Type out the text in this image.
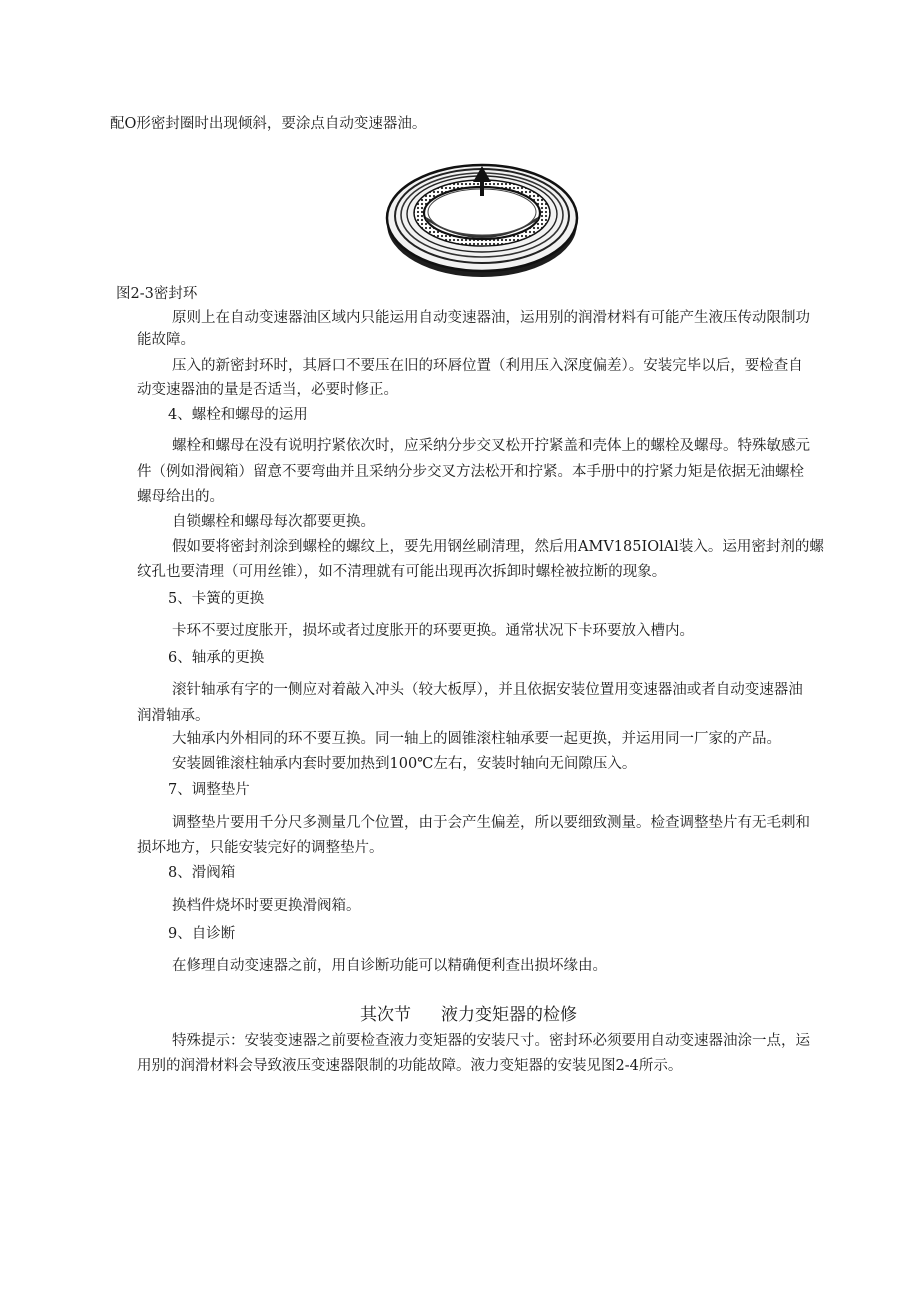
配O形密封圈时出现倾斜，要涂点自动变速器油。
图2-3密封环
原则上在自动变速器油区域内只能运用自动变速器油，运用别的润滑材料有可能产生液压传动限制功
能故障。
压入的新密封环时，其唇口不要压在旧的环唇位置（利用压入深度偏差）。安装完毕以后，要检查自
动变速器油的量是否适当，必要时修正。
4、螺栓和螺母的运用
螺栓和螺母在没有说明拧紧依次时，应采纳分步交叉松开拧紧盖和壳体上的螺栓及螺母。特殊敏感元
件（例如滑阀箱）留意不要弯曲并且采纳分步交叉方法松开和拧紧。本手册中的拧紧力矩是依据无油螺栓
螺母给出的。
自锁螺栓和螺母每次都要更换。
假如要将密封剂涂到螺栓的螺纹上，要先用钢丝刷清理，然后用AMV185IOlAl装入。运用密封剂的螺
纹孔也要清理（可用丝锥），如不清理就有可能出现再次拆卸时螺栓被拉断的现象。
5、卡簧的更换
卡环不要过度胀开，损坏或者过度胀开的环要更换。通常状况下卡环要放入槽内。
6、轴承的更换
滚针轴承有字的一侧应对着敲入冲头（较大板厚），并且依据安装位置用变速器油或者自动变速器油
润滑轴承。
大轴承内外相同的环不要互换。同一轴上的圆锥滚柱轴承要一起更换，并运用同一厂家的产品。
安装圆锥滚柱轴承内套时要加热到100℃左右，安装时轴向无间隙压入。
7、调整垫片
调整垫片要用千分尺多测量几个位置，由于会产生偏差，所以要细致测量。检查调整垫片有无毛刺和
损坏地方，只能安装完好的调整垫片。
8、滑阀箱
换档件烧坏时要更换滑阀箱。
9、自诊断
在修理自动变速器之前，用自诊断功能可以精确便利查出损坏缘由。
其次节 液力变矩器的检修
特殊提示：安装变速器之前要检查液力变矩器的安装尺寸。密封环必须要用自动变速器油涂一点，运
用别的润滑材料会导致液压变速器限制的功能故障。液力变矩器的安装见图2-4所示。
